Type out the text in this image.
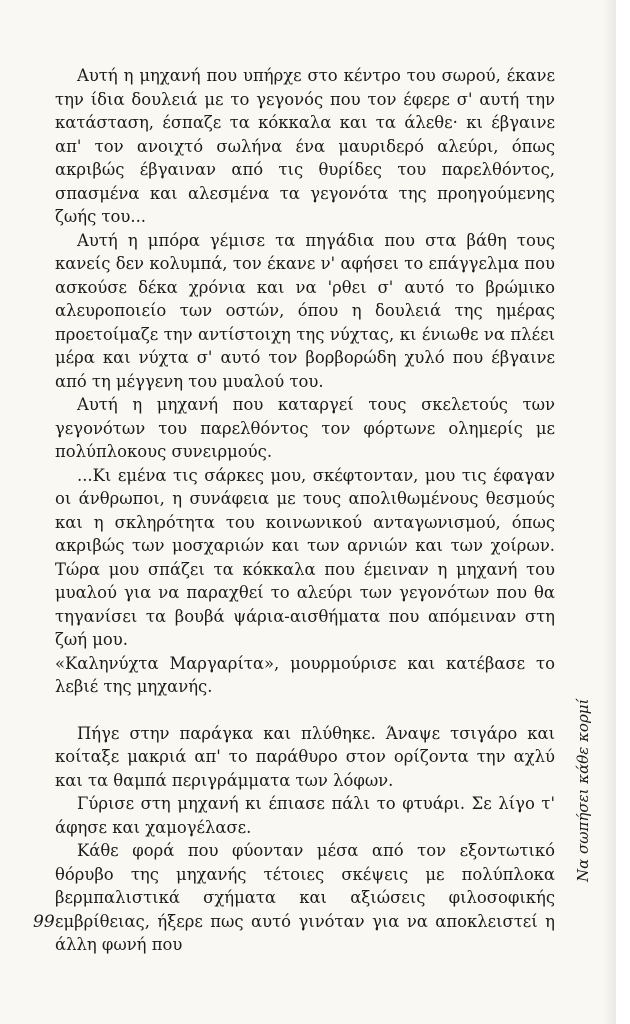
Αυτή η μηχανή που υπήρχε στο κέντρο του σωρού, έκανε την ίδια δουλειά με το γεγονός που τον έφερε σ' αυτή την κατάσταση, έσπαζε τα κόκκαλα και τα άλεθε· κι έβγαινε απ' τον ανοιχτό σωλήνα ένα μαυριδερό αλεύρι, όπως ακριβώς έβγαιναν από τις θυρίδες του παρελθόντος, σπασμένα και αλεσμένα τα γεγονότα της προηγούμενης ζωής του...

Αυτή η μπόρα γέμισε τα πηγάδια που στα βάθη τους κανείς δεν κολυμπά, τον έκανε ν' αφήσει το επάγγελμα που ασκούσε δέκα χρόνια και να 'ρθει σ' αυτό το βρώμικο αλευροποιείο των οστών, όπου η δουλειά της ημέρας προετοίμαζε την αντίστοιχη της νύχτας, κι ένιωθε να πλέει μέρα και νύχτα σ' αυτό τον βορβορώδη χυλό που έβγαινε από τη μέγγενη του μυαλού του.

Αυτή η μηχανή που καταργεί τους σκελετούς των γεγονότων του παρελθόντος τον φόρτωνε ολημερίς με πολύπλοκους συνειρμούς.

...Κι εμένα τις σάρκες μου, σκέφτονταν, μου τις έφαγαν οι άνθρωποι, η συνάφεια με τους απολιθωμένους θεσμούς και η σκληρότητα του κοινωνικού ανταγωνισμού, όπως ακριβώς των μοσχαριών και των αρνιών και των χοίρων. Τώρα μου σπάζει τα κόκκαλα που έμειναν η μηχανή του μυαλού για να παραχθεί το αλεύρι των γεγονότων που θα τηγανίσει τα βουβά ψάρια-αισθήματα που απόμειναν στη ζωή μου.

«Καληνύχτα Μαργαρίτα», μουρμούρισε και κατέβασε το λεβιέ της μηχανής.

Πήγε στην παράγκα και πλύθηκε. Άναψε τσιγάρο και κοίταξε μακριά απ' το παράθυρο στον ορίζοντα την αχλύ και τα θαμπά περιγράμματα των λόφων.

Γύρισε στη μηχανή κι έπιασε πάλι το φτυάρι. Σε λίγο τ' άφησε και χαμογέλασε.

Κάθε φορά που φύονταν μέσα από τον εξοντωτικό θόρυβο της μηχανής τέτοιες σκέψεις με πολύπλοκα βερμπαλιστικά σχήματα και αξιώσεις φιλοσοφικής εμβρίθειας, ήξερε πως αυτό γινόταν για να αποκλειστεί η άλλη φωνή που

Να σωπήσει κάθε κορμί
99
